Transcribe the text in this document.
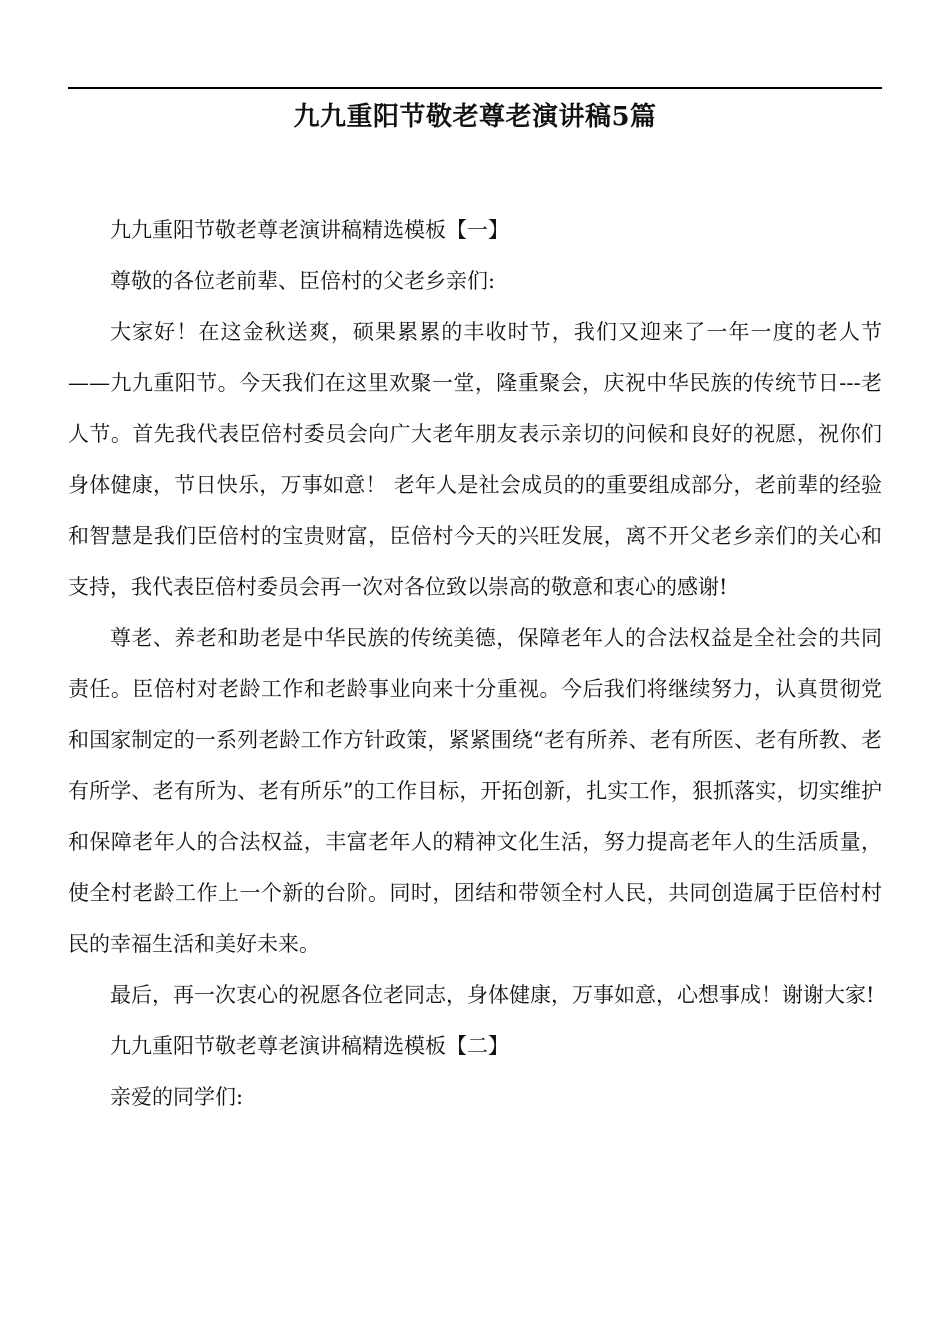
九九重阳节敬老尊老演讲稿5篇

九九重阳节敬老尊老演讲稿精选模板【一】

尊敬的各位老前辈、臣倍村的父老乡亲们:

大家好！在这金秋送爽，硕果累累的丰收时节，我们又迎来了一年一度的老人节——九九重阳节。今天我们在这里欢聚一堂，隆重聚会，庆祝中华民族的传统节日---老人节。首先我代表臣倍村委员会向广大老年朋友表示亲切的问候和良好的祝愿，祝你们身体健康，节日快乐，万事如意！ 老年人是社会成员的的重要组成部分，老前辈的经验和智慧是我们臣倍村的宝贵财富，臣倍村今天的兴旺发展，离不开父老乡亲们的关心和支持，我代表臣倍村委员会再一次对各位致以崇高的敬意和衷心的感谢!

尊老、养老和助老是中华民族的传统美德，保障老年人的合法权益是全社会的共同责任。臣倍村对老龄工作和老龄事业向来十分重视。今后我们将继续努力，认真贯彻党和国家制定的一系列老龄工作方针政策，紧紧围绕“老有所养、老有所医、老有所教、老有所学、老有所为、老有所乐”的工作目标，开拓创新，扎实工作，狠抓落实，切实维护和保障老年人的合法权益，丰富老年人的精神文化生活，努力提高老年人的生活质量，使全村老龄工作上一个新的台阶。同时，团结和带领全村人民，共同创造属于臣倍村村民的幸福生活和美好未来。

最后，再一次衷心的祝愿各位老同志，身体健康，万事如意，心想事成！谢谢大家!

九九重阳节敬老尊老演讲稿精选模板【二】

亲爱的同学们:
